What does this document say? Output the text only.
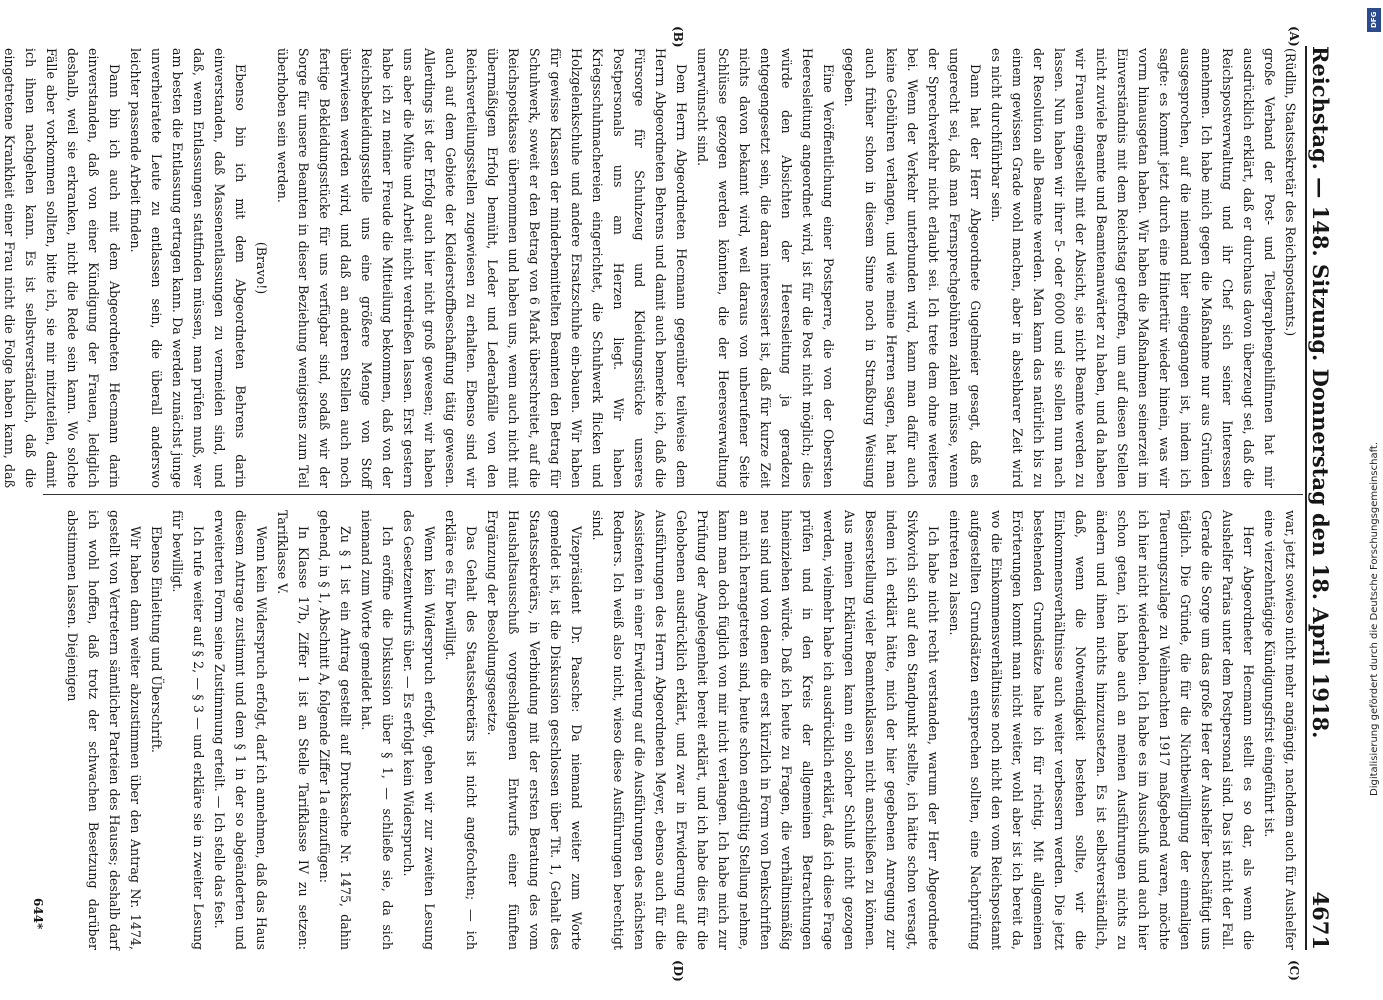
Reichstag. — 148. Sitzung. Donnerstag den 18. April 1918.
4671
(A)
(B)
(C)
(D)

(Rüdlin, Staatssekretär des Reichspostamts.)

große Verband der Post- und Telegraphengehilfinnen hat mir ausdrücklich erklärt, daß er durchaus davon überzeugt sei, daß die Reichspostverwaltung und ihr Chef sich seiner Interessen annehmen. Ich habe mich gegen die Maßnahme nur aus Gründen ausgesprochen, auf die niemand hier eingegangen ist, indem ich sagte: es kommt jetzt durch eine Hintertür wieder hinein, was wir vorm hinausgetan haben. Wir haben die Maßnahmen seinerzeit im Einverständnis mit dem Reichstag getroffen, um auf diesen Stellen nicht zuviele Beamte und Beamtenanwärter zu haben, und da haben wir Frauen eingestellt mit der Absicht, sie nicht Beamte werden zu lassen. Nun haben wir ihrer 5- oder 6000 und sie sollen nun nach der Resolution alle Beamte werden. Man kann das natürlich bis zu einem gewissen Grade wohl machen, aber in absehbarer Zeit wird es nicht durchführbar sein.

Dann hat der Herr Abgeordnete Gugelmeier gesagt, daß es ungerecht sei, daß man Fernsprechgebühren zahlen müsse, wenn der Sprechverkehr nicht erlaubt sei. Ich trete dem ohne weiteres bei. Wenn der Verkehr unterbunden wird, kann man dafür auch keine Gebühren verlangen, und wie meine Herren sagen, hat man auch früher schon in diesem Sinne noch in Straßburg Weisung gegeben.

Eine Veröffentlichung einer Postsperre, die von der Obersten Heeresleitung angeordnet wird, ist für die Post nicht möglich; dies würde den Absichten der Heeresleitung ja geradezu entgegengesetzt sein, die daran interessiert ist, daß für kurze Zeit nichts davon bekannt wird, weil daraus von unberufener Seite Schlüsse gezogen werden könnten, die der Heeresverwaltung unerwünscht sind.

Dem Herrn Abgeordneten Hecmann gegenüber teilweise dem Herrn Abgeordneten Behrens und damit auch bemerke ich, daß die Fürsorge für Schuhzeug und Kleidungsstücke unseres Postpersonals uns am Herzen liegt. Wir haben Kriegsschuhmachereien eingerichtet, die Schuhwerk flicken und Holzgelenkschuhe und andere Ersatzschuhe ein-bauen. Wir haben für gewisse Klassen der minderbemittelten Beamten den Betrag für Schuhwerk, soweit er den Betrag von 6 Mark überschreitet, auf die Reichspostkasse übernommen und haben uns, wenn auch nicht mit übermäßigem Erfolg bemüht, Leder und Lederabfälle von den Reichsverteilungsstellen zugewiesen zu erhalten. Ebenso sind wir auch auf dem Gebiete der Kleiderstoffbeschaffung tätig gewesen. Allerdings ist der Erfolg auch hier nicht groß gewesen; wir haben uns aber die Mühe und Arbeit nicht verdrießen lassen. Erst gestern habe ich zu meiner Freude die Mitteilung bekommen, daß von der Reichsbekleidungsstelle uns eine größere Menge von Stoff überwiesen werden wird, und daß an anderen Stellen auch noch fertige Bekleidungsstücke für uns verfügbar sind, sodaß wir der Sorge für unsere Beamten in dieser Beziehung wenigstens zum Teil überhoben sein werden.

(Bravo!)

Ebenso bin ich mit dem Abgeordneten Behrens darin einverstanden, daß Massenentlassungen zu vermeiden sind, und daß, wenn Entlassungen stattfinden müssen, man prüfen muß, wer am besten die Entlassung ertragen kann. Da werden zunächst junge unverheiratete Leute zu entlassen sein, die überall anderswo leichter passende Arbeit finden.

Dann bin ich auch mit dem Abgeordneten Hecmann darin einverstanden, daß von einer Kündigung der Frauen, lediglich deshalb, weil sie erkranken, nicht die Rede sein kann. Wo solche Fälle aber vorkommen sollten, bitte ich, sie mir mitzuteilen, damit ich ihnen nachgehen kann. Es ist selbstverständlich, daß die eingetretene Krankheit einer Frau nicht die Folge haben kann, daß

war, jetzt sowieso nicht mehr angängig, nachdem auch für Aushelfer eine vierzehntägige Kündigungsfrist eingeführt ist.

Herr Abgeordneter Hecmann stellt es so dar, als wenn die Aushelfer Parias unter dem Postpersonal sind. Das ist nicht der Fall. Gerade die Sorge um das große Heer der Aushelfer beschäftigt uns täglich. Die Gründe, die für die Nichtbewilligung der einmaligen Teuerungszulage zu Weihnachten 1917 maßgebend waren, möchte ich hier nicht wiederholen. Ich habe es im Ausschuß und auch hier schon getan, ich habe auch an meinen Ausführungen nichts zu ändern und ihnen nichts hinzuzusetzen. Es ist selbstverständlich, daß, wenn die Notwendigkeit bestehen sollte, wir die Einkommensverhältnisse auch weiter verbessern werden. Die jetzt bestehenden Grundsätze halte ich für richtig. Mit allgemeinen Erörterungen kommt man nicht weiter, wohl aber ist ich bereit da, wo die Einkommensverhältnisse noch nicht den vom Reichspostamt aufgestellten Grundsätzen entsprechen sollten, eine Nachprüfung eintreten zu lassen.

Ich habe nicht recht verstanden, warum der Herr Abgeordnete Sivkovich sich auf den Standpunkt stellte, ich hätte schon versagt, indem ich erklärt hätte, mich der hier gegebenen Anregung zur Besserstellung vieler Beamtenklassen nicht anschließen zu können. Aus meinen Erklärungen kann ein solcher Schluß nicht gezogen werden, vielmehr habe ich ausdrücklich erklärt, daß ich diese Frage prüfen und in den Kreis der allgemeinen Betrachtungen hineinziehen würde. Daß ich heute zu Fragen, die verhältnismäßig neu sind und von denen die erst kürzlich in Form von Denkschriften an mich herangetreten sind, heute schon endgültig Stellung nehme, kann man doch füglich von mir nicht verlangen. Ich habe mich zur Prüfung der Angelegenheit bereit erklärt, und ich habe dies für die Gehobenen ausdrücklich erklärt, und zwar in Erwiderung auf die Ausführungen des Herrn Abgeordneten Meyer, ebenso auch für die Assistenten in einer Erwiderung auf die Ausführungen des nächsten Redners. Ich weiß also nicht, wieso diese Ausführungen berechtigt sind.

Vizepräsident Dr. Paasche: Da niemand weiter zum Worte gemeldet ist, ist die Diskussion geschlossen über Tit. 1, Gehalt des Staatssekretärs, in Verbindung mit der ersten Beratung des vom Haushaltsausschuß vorgeschlagenen Entwurfs einer fünften Ergänzung der Besoldungsgesetze.

Das Gehalt des Staatssekretärs ist nicht angefochten; — ich erkläre es für bewilligt.

Wenn kein Widerspruch erfolgt, gehen wir zur zweiten Lesung des Gesetzentwurfs über. — Es erfolgt kein Widerspruch.

Ich eröffne die Diskussion über § 1, — schließe sie, da sich niemand zum Worte gemeldet hat.

Zu § 1 ist ein Antrag gestellt auf Drucksache Nr. 1475, dahin gehend, in § 1, Abschnitt A, folgende Ziffer 1a einzufügen:

In Klasse 17b, Ziffer 1 ist an Stelle Tarifklasse IV zu setzen: Tarifklasse V.

Wenn kein Widerspruch erfolgt, darf ich annehmen, daß das Haus diesem Antrage zustimmt und dem § 1 in der so abgeänderten und erweiterten Form seine Zustimmung erteilt. — Ich stelle das fest.

Ich rufe weiter auf § 2, — § 3 — und erkläre sie in zweiter Lesung für bewilligt.

Ebenso Einleitung und Überschrift.

Wir haben dann weiter abzustimmen über den Antrag Nr. 1474, gestellt von Vertretern sämtlicher Parteien des Hauses; deshalb darf ich wohl hoffen, daß trotz der schwachen Besetzung darüber abstimmen lassen. Diejenigen

644*
DFG
Digitalisierung gefördert durch die Deutsche Forschungsgemeinschaft.
